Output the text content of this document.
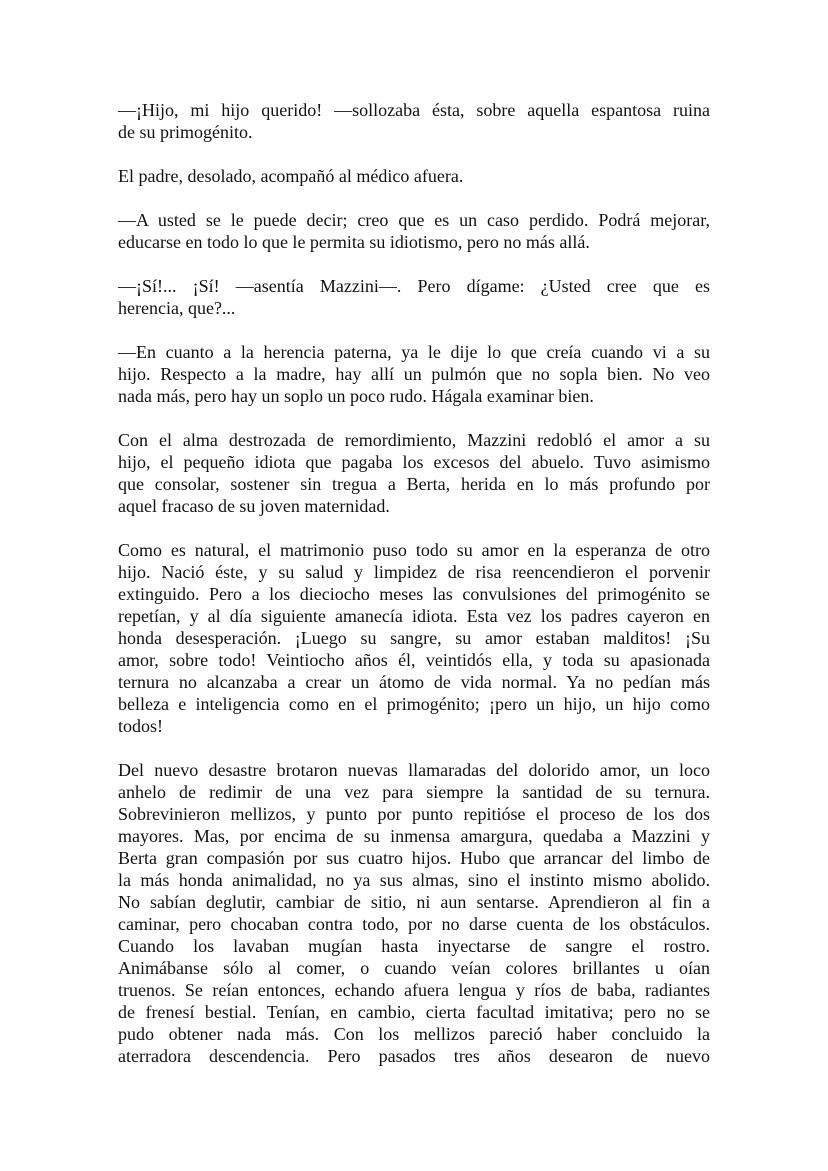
—¡Hijo, mi hijo querido! —sollozaba ésta, sobre aquella espantosa ruina
de su primogénito.
El padre, desolado, acompañó al médico afuera.
—A usted se le puede decir; creo que es un caso perdido. Podrá mejorar,
educarse en todo lo que le permita su idiotismo, pero no más allá.
—¡Sí!... ¡Sí! —asentía Mazzini—. Pero dígame: ¿Usted cree que es
herencia, que?...
—En cuanto a la herencia paterna, ya le dije lo que creía cuando vi a su
hijo. Respecto a la madre, hay allí un pulmón que no sopla bien. No veo
nada más, pero hay un soplo un poco rudo. Hágala examinar bien.
Con el alma destrozada de remordimiento, Mazzini redobló el amor a su
hijo, el pequeño idiota que pagaba los excesos del abuelo. Tuvo asimismo
que consolar, sostener sin tregua a Berta, herida en lo más profundo por
aquel fracaso de su joven maternidad.
Como es natural, el matrimonio puso todo su amor en la esperanza de otro
hijo. Nació éste, y su salud y limpidez de risa reencendieron el porvenir
extinguido. Pero a los dieciocho meses las convulsiones del primogénito se
repetían, y al día siguiente amanecía idiota. Esta vez los padres cayeron en
honda desesperación. ¡Luego su sangre, su amor estaban malditos! ¡Su
amor, sobre todo! Veintiocho años él, veintidós ella, y toda su apasionada
ternura no alcanzaba a crear un átomo de vida normal. Ya no pedían más
belleza e inteligencia como en el primogénito; ¡pero un hijo, un hijo como
todos!
Del nuevo desastre brotaron nuevas llamaradas del dolorido amor, un loco
anhelo de redimir de una vez para siempre la santidad de su ternura.
Sobrevinieron mellizos, y punto por punto repitióse el proceso de los dos
mayores. Mas, por encima de su inmensa amargura, quedaba a Mazzini y
Berta gran compasión por sus cuatro hijos. Hubo que arrancar del limbo de
la más honda animalidad, no ya sus almas, sino el instinto mismo abolido.
No sabían deglutir, cambiar de sitio, ni aun sentarse. Aprendieron al fin a
caminar, pero chocaban contra todo, por no darse cuenta de los obstáculos.
Cuando los lavaban mugían hasta inyectarse de sangre el rostro.
Animábanse sólo al comer, o cuando veían colores brillantes u oían
truenos. Se reían entonces, echando afuera lengua y ríos de baba, radiantes
de frenesí bestial. Tenían, en cambio, cierta facultad imitativa; pero no se
pudo obtener nada más. Con los mellizos pareció haber concluido la
aterradora descendencia. Pero pasados tres años desearon de nuevo
